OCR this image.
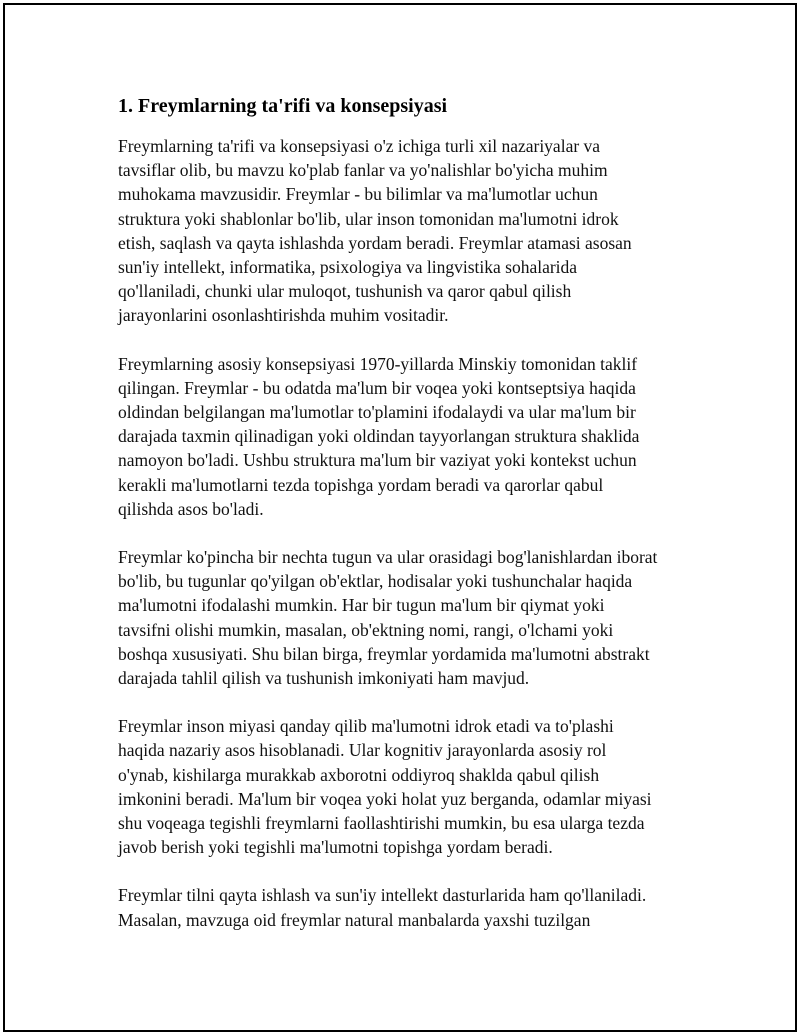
1. Freymlarning ta'rifi va konsepsiyasi

Freymlarning ta'rifi va konsepsiyasi o'z ichiga turli xil nazariyalar va
tavsiflar olib, bu mavzu ko'plab fanlar va yo'nalishlar bo'yicha muhim
muhokama mavzusidir. Freymlar - bu bilimlar va ma'lumotlar uchun
struktura yoki shablonlar bo'lib, ular inson tomonidan ma'lumotni idrok
etish, saqlash va qayta ishlashda yordam beradi. Freymlar atamasi asosan
sun'iy intellekt, informatika, psixologiya va lingvistika sohalarida
qo'llaniladi, chunki ular muloqot, tushunish va qaror qabul qilish
jarayonlarini osonlashtirishda muhim vositadir.

Freymlarning asosiy konsepsiyasi 1970-yillarda Minskiy tomonidan taklif
qilingan. Freymlar - bu odatda ma'lum bir voqea yoki kontseptsiya haqida
oldindan belgilangan ma'lumotlar to'plamini ifodalaydi va ular ma'lum bir
darajada taxmin qilinadigan yoki oldindan tayyorlangan struktura shaklida
namoyon bo'ladi. Ushbu struktura ma'lum bir vaziyat yoki kontekst uchun
kerakli ma'lumotlarni tezda topishga yordam beradi va qarorlar qabul
qilishda asos bo'ladi.

Freymlar ko'pincha bir nechta tugun va ular orasidagi bog'lanishlardan iborat
bo'lib, bu tugunlar qo'yilgan ob'ektlar, hodisalar yoki tushunchalar haqida
ma'lumotni ifodalashi mumkin. Har bir tugun ma'lum bir qiymat yoki
tavsifni olishi mumkin, masalan, ob'ektning nomi, rangi, o'lchami yoki
boshqa xususiyati. Shu bilan birga, freymlar yordamida ma'lumotni abstrakt
darajada tahlil qilish va tushunish imkoniyati ham mavjud.

Freymlar inson miyasi qanday qilib ma'lumotni idrok etadi va to'plashi
haqida nazariy asos hisoblanadi. Ular kognitiv jarayonlarda asosiy rol
o'ynab, kishilarga murakkab axborotni oddiyroq shaklda qabul qilish
imkonini beradi. Ma'lum bir voqea yoki holat yuz berganda, odamlar miyasi
shu voqeaga tegishli freymlarni faollashtirishi mumkin, bu esa ularga tezda
javob berish yoki tegishli ma'lumotni topishga yordam beradi.

Freymlar tilni qayta ishlash va sun'iy intellekt dasturlarida ham qo'llaniladi.
Masalan, mavzuga oid freymlar natural manbalarda yaxshi tuzilgan
